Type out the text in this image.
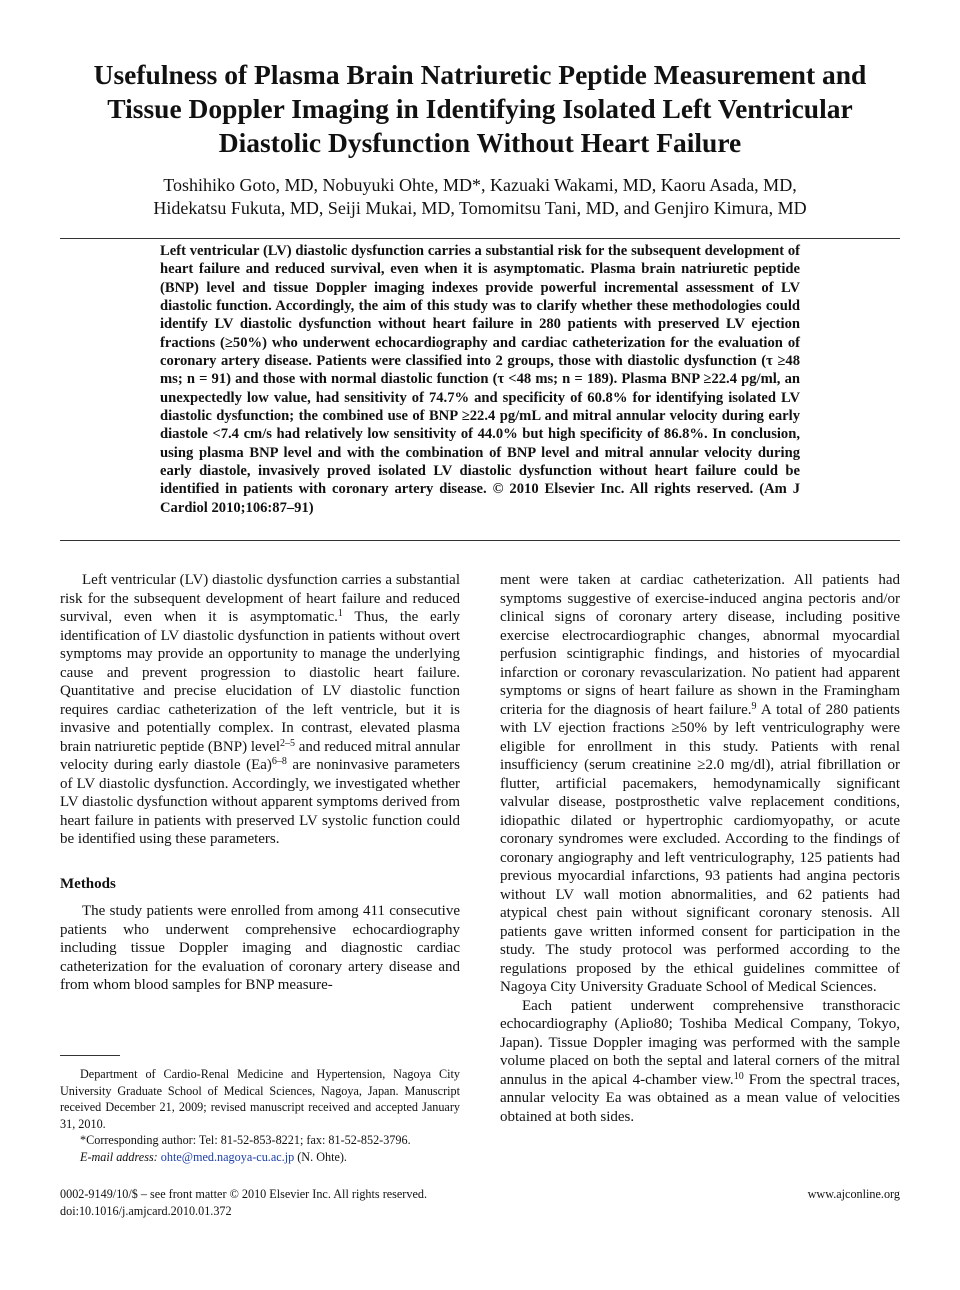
Usefulness of Plasma Brain Natriuretic Peptide Measurement and Tissue Doppler Imaging in Identifying Isolated Left Ventricular Diastolic Dysfunction Without Heart Failure
Toshihiko Goto, MD, Nobuyuki Ohte, MD*, Kazuaki Wakami, MD, Kaoru Asada, MD,
Hidekatsu Fukuta, MD, Seiji Mukai, MD, Tomomitsu Tani, MD, and Genjiro Kimura, MD

Left ventricular (LV) diastolic dysfunction carries a substantial risk for the subsequent development of heart failure and reduced survival, even when it is asymptomatic. Plasma brain natriuretic peptide (BNP) level and tissue Doppler imaging indexes provide powerful incremental assessment of LV diastolic function. Accordingly, the aim of this study was to clarify whether these methodologies could identify LV diastolic dysfunction without heart failure in 280 patients with preserved LV ejection fractions (≥50%) who underwent echocardiography and cardiac catheterization for the evaluation of coronary artery disease. Patients were classified into 2 groups, those with diastolic dysfunction (τ ≥48 ms; n = 91) and those with normal diastolic function (τ <48 ms; n = 189). Plasma BNP ≥22.4 pg/ml, an unexpectedly low value, had sensitivity of 74.7% and specificity of 60.8% for identifying isolated LV diastolic dysfunction; the combined use of BNP ≥22.4 pg/mL and mitral annular velocity during early diastole <7.4 cm/s had relatively low sensitivity of 44.0% but high specificity of 86.8%. In conclusion, using plasma BNP level and with the combination of BNP level and mitral annular velocity during early diastole, invasively proved isolated LV diastolic dysfunction without heart failure could be identified in patients with coronary artery disease. © 2010 Elsevier Inc. All rights reserved. (Am J Cardiol 2010;106:87–91)

Left ventricular (LV) diastolic dysfunction carries a substantial risk for the subsequent development of heart failure and reduced survival, even when it is asymptomatic.$^1$ Thus, the early identification of LV diastolic dysfunction in patients without overt symptoms may provide an opportunity to manage the underlying cause and prevent progression to diastolic heart failure. Quantitative and precise elucidation of LV diastolic function requires cardiac catheterization of the left ventricle, but it is invasive and potentially complex. In contrast, elevated plasma brain natriuretic peptide (BNP) level$^{2-5}$ and reduced mitral annular velocity during early diastole $(Ea)^{6-8}$ are noninvasive parameters of LV diastolic dysfunction. Accordingly, we investigated whether LV diastolic dysfunction without apparent symptoms derived from heart failure in patients with preserved LV systolic function could be identified using these parameters.

Methods

The study patients were enrolled from among 411 consecutive patients who underwent comprehensive echocardiography including tissue Doppler imaging and diagnostic cardiac catheterization for the evaluation of coronary artery disease and from whom blood samples for BNP measure-

ment were taken at cardiac catheterization. All patients had symptoms suggestive of exercise-induced angina pectoris and/or clinical signs of coronary artery disease, including positive exercise electrocardiographic changes, abnormal myocardial perfusion scintigraphic findings, and histories of myocardial infarction or coronary revascularization. No patient had apparent symptoms or signs of heart failure as shown in the Framingham criteria for the diagnosis of heart failure.$^9$ A total of 280 patients with LV ejection fractions ≥50% by left ventriculography were eligible for enrollment in this study. Patients with renal insufficiency (serum creatinine ≥2.0 mg/dl), atrial fibrillation or flutter, artificial pacemakers, hemodynamically significant valvular disease, postprosthetic valve replacement conditions, idiopathic dilated or hypertrophic cardiomyopathy, or acute coronary syndromes were excluded. According to the findings of coronary angiography and left ventriculography, 125 patients had previous myocardial infarctions, 93 patients had angina pectoris without LV wall motion abnormalities, and 62 patients had atypical chest pain without significant coronary stenosis. All patients gave written informed consent for participation in the study. The study protocol was performed according to the regulations proposed by the ethical guidelines committee of Nagoya City University Graduate School of Medical Sciences.

Each patient underwent comprehensive transthoracic echocardiography (Aplio80; Toshiba Medical Company, Tokyo, Japan). Tissue Doppler imaging was performed with the sample volume placed on both the septal and lateral corners of the mitral annulus in the apical 4-chamber view.$^{10}$ From the spectral traces, annular velocity Ea was obtained as a mean value of velocities obtained at both sides.

Department of Cardio-Renal Medicine and Hypertension, Nagoya City University Graduate School of Medical Sciences, Nagoya, Japan. Manuscript received December 21, 2009; revised manuscript received and accepted January 31, 2010.

*Corresponding author: Tel: 81-52-853-8221; fax: 81-52-852-3796.

E-mail address: ohte@med.nagoya-cu.ac.jp (N. Ohte).

0002-9149/10/$ – see front matter © 2010 Elsevier Inc. All rights reserved.
doi:10.1016/j.amjcard.2010.01.372
www.ajconline.org
